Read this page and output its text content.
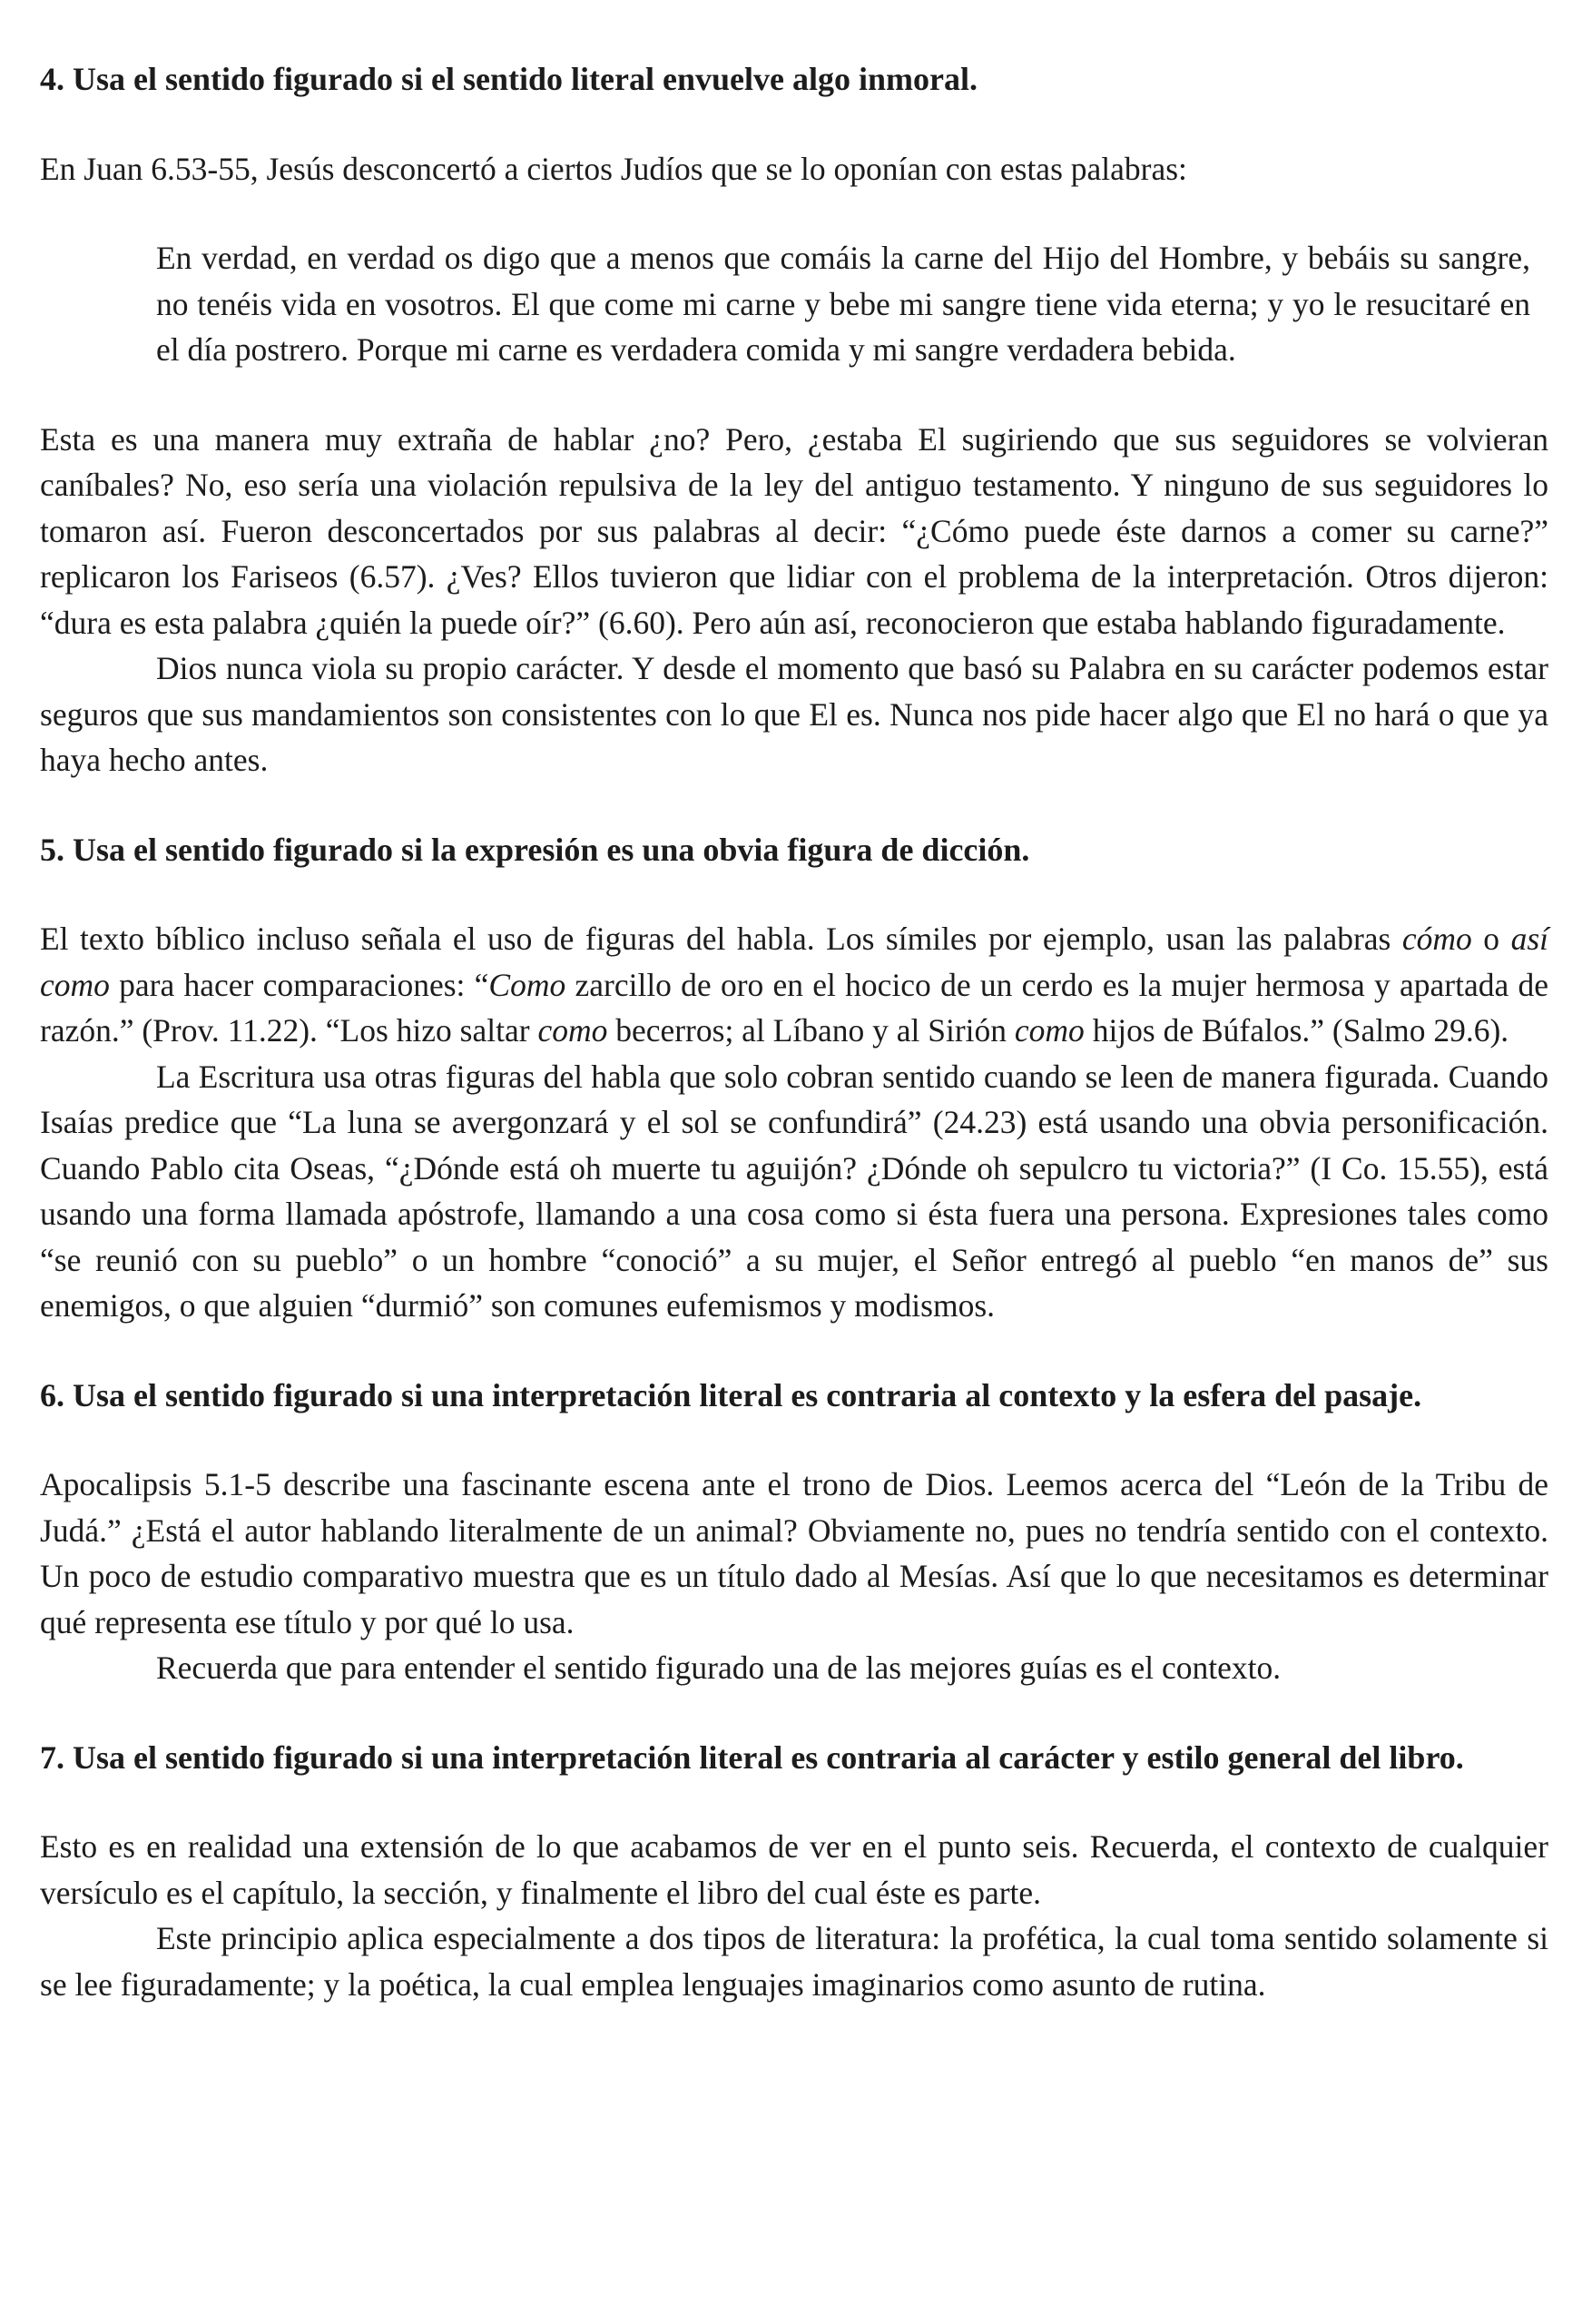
4. Usa el sentido figurado si el sentido literal envuelve algo inmoral.

En Juan 6.53-55, Jesús desconcertó a ciertos Judíos que se lo oponían con estas palabras:

En verdad, en verdad os digo que a menos que comáis la carne del Hijo del Hombre, y bebáis su sangre, no tenéis vida en vosotros. El que come mi carne y bebe mi sangre tiene vida eterna; y yo le resucitaré en el día postrero. Porque mi carne es verdadera comida y mi sangre verdadera bebida.

Esta es una manera muy extraña de hablar ¿no? Pero, ¿estaba El sugiriendo que sus seguidores se volvieran caníbales? No, eso sería una violación repulsiva de la ley del antiguo testamento. Y ninguno de sus seguidores lo tomaron así. Fueron desconcertados por sus palabras al decir: “¿Cómo puede éste darnos a comer su carne?” replicaron los Fariseos (6.57). ¿Ves? Ellos tuvieron que lidiar con el problema de la interpretación. Otros dijeron: “dura es esta palabra ¿quién la puede oír?” (6.60). Pero aún así, reconocieron que estaba hablando figuradamente.

Dios nunca viola su propio carácter. Y desde el momento que basó su Palabra en su carácter podemos estar seguros que sus mandamientos son consistentes con lo que El es. Nunca nos pide hacer algo que El no hará o que ya haya hecho antes.

5. Usa el sentido figurado si la expresión es una obvia figura de dicción.

El texto bíblico incluso señala el uso de figuras del habla. Los símiles por ejemplo, usan las palabras cómo o así como para hacer comparaciones: “Como zarcillo de oro en el hocico de un cerdo es la mujer hermosa y apartada de razón.” (Prov. 11.22). “Los hizo saltar como becerros; al Líbano y al Sirión como hijos de Búfalos.” (Salmo 29.6).

La Escritura usa otras figuras del habla que solo cobran sentido cuando se leen de manera figurada. Cuando Isaías predice que “La luna se avergonzará y el sol se confundirá” (24.23) está usando una obvia personificación. Cuando Pablo cita Oseas, “¿Dónde está oh muerte tu aguijón? ¿Dónde oh sepulcro tu victoria?” (I Co. 15.55), está usando una forma llamada apóstrofe, llamando a una cosa como si ésta fuera una persona. Expresiones tales como “se reunió con su pueblo” o un hombre “conoció” a su mujer, el Señor entregó al pueblo “en manos de” sus enemigos, o que alguien “durmió” son comunes eufemismos y modismos.

6. Usa el sentido figurado si una interpretación literal es contraria al contexto y la esfera del pasaje.

Apocalipsis 5.1-5 describe una fascinante escena ante el trono de Dios. Leemos acerca del “León de la Tribu de Judá.” ¿Está el autor hablando literalmente de un animal? Obviamente no, pues no tendría sentido con el contexto. Un poco de estudio comparativo muestra que es un título dado al Mesías. Así que lo que necesitamos es determinar qué representa ese título y por qué lo usa.

Recuerda que para entender el sentido figurado una de las mejores guías es el contexto.

7. Usa el sentido figurado si una interpretación literal es contraria al carácter y estilo general del libro.

Esto es en realidad una extensión de lo que acabamos de ver en el punto seis. Recuerda, el contexto de cualquier versículo es el capítulo, la sección, y finalmente el libro del cual éste es parte.

Este principio aplica especialmente a dos tipos de literatura: la profética, la cual toma sentido solamente si se lee figuradamente; y la poética, la cual emplea lenguajes imaginarios como asunto de rutina.
